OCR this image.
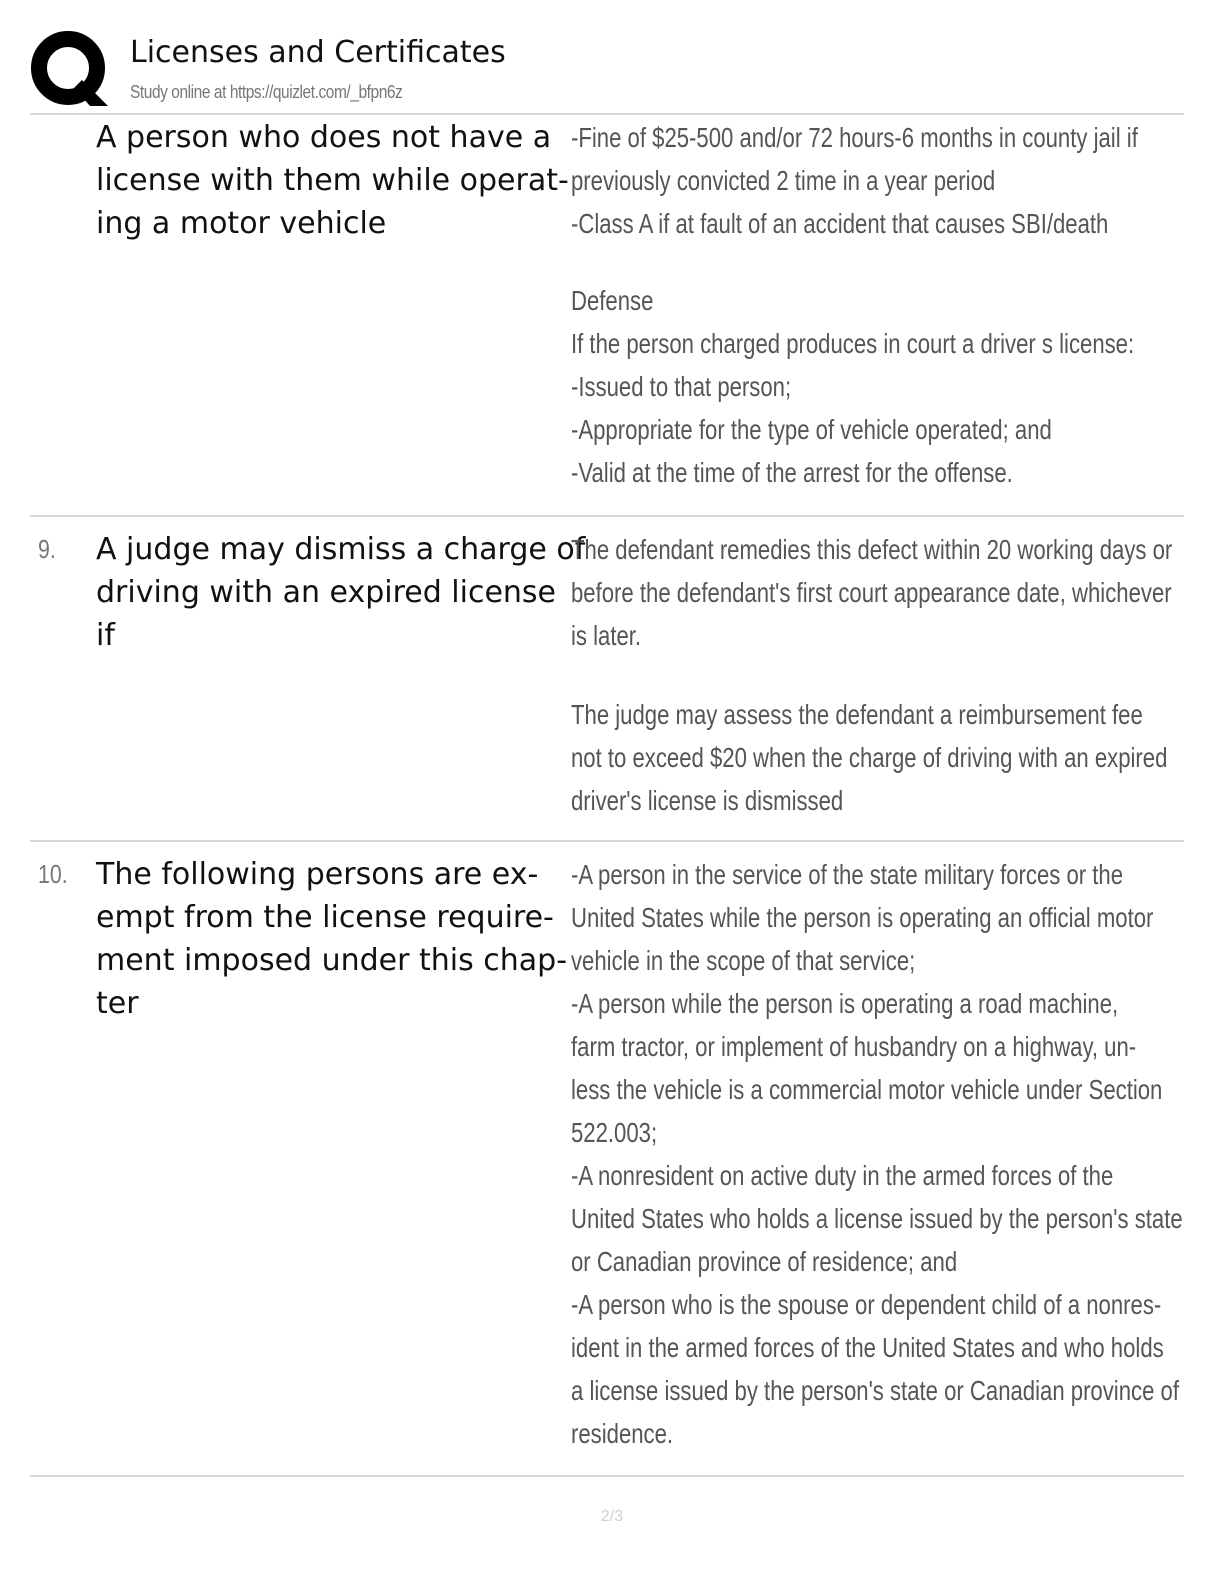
Licenses and Certificates
Study online at https://quizlet.com/_bfpn6z
A person who does not have a
license with them while operat-
ing a motor vehicle
-Fine of $25-500 and/or 72 hours-6 months in county jail if
previously convicted 2 time in a year period
-Class A if at fault of an accident that causes SBI/death
Defense
If the person charged produces in court a driver s license:
-Issued to that person;
-Appropriate for the type of vehicle operated; and
-Valid at the time of the arrest for the offense.
9. A judge may dismiss a charge of
driving with an expired license
if
The defendant remedies this defect within 20 working days or
before the defendant's first court appearance date, whichever
is later.
The judge may assess the defendant a reimbursement fee
not to exceed $20 when the charge of driving with an expired
driver's license is dismissed
10. The following persons are ex-
empt from the license require-
ment imposed under this chap-
ter
-A person in the service of the state military forces or the
United States while the person is operating an official motor
vehicle in the scope of that service;
-A person while the person is operating a road machine,
farm tractor, or implement of husbandry on a highway, un-
less the vehicle is a commercial motor vehicle under Section
522.003;
-A nonresident on active duty in the armed forces of the
United States who holds a license issued by the person's state
or Canadian province of residence; and
-A person who is the spouse or dependent child of a nonres-
ident in the armed forces of the United States and who holds
a license issued by the person's state or Canadian province of
residence.
2/3
